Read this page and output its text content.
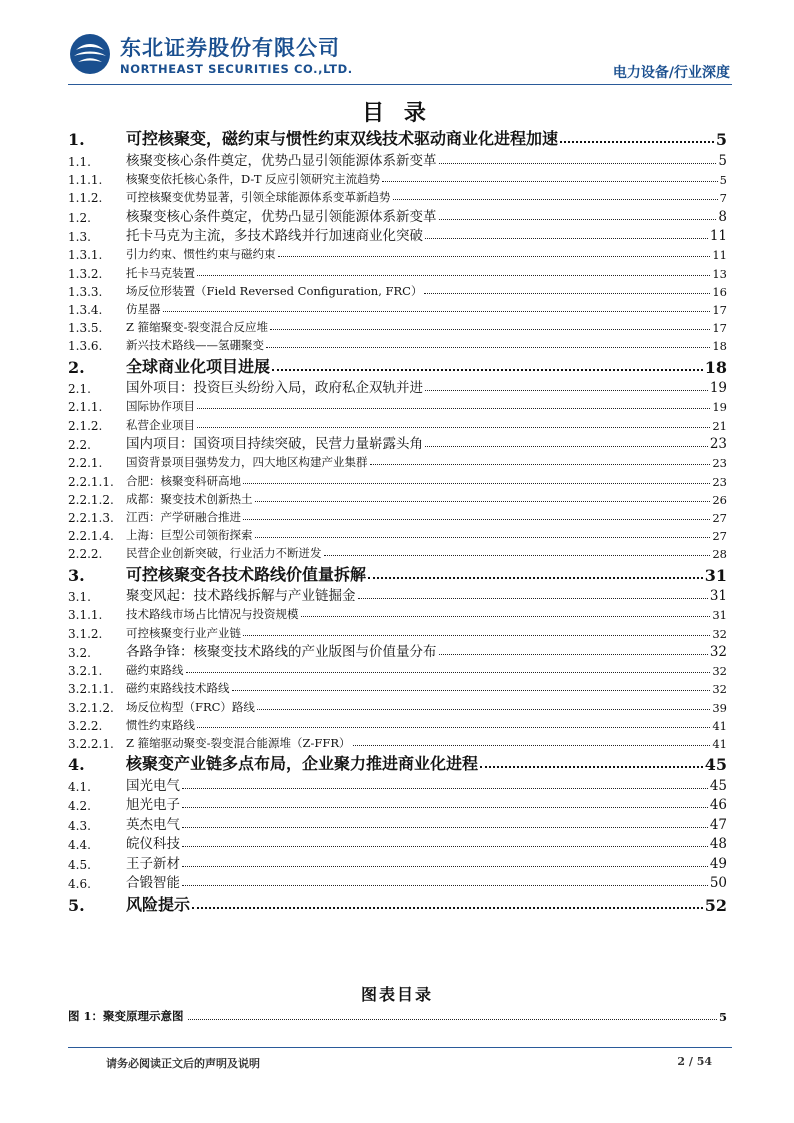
东北证券股份有限公司
NORTHEAST SECURITIES CO.,LTD.	电力设备/行业深度
目 录
1.	可控核聚变，磁约束与惯性约束双线技术驱动商业化进程加速	5
1.1.	核聚变核心条件奠定，优势凸显引领能源体系新变革	5
1.1.1.	核聚变依托核心条件，D-T 反应引领研究主流趋势	5
1.1.2.	可控核聚变优势显著，引领全球能源体系变革新趋势	7
1.2.	核聚变核心条件奠定，优势凸显引领能源体系新变革	8
1.3.	托卡马克为主流，多技术路线并行加速商业化突破	11
1.3.1.	引力约束、惯性约束与磁约束	11
1.3.2.	托卡马克装置	13
1.3.3.	场反位形装置（Field Reversed Configuration, FRC）	16
1.3.4.	仿星器	17
1.3.5.	Z 箍缩聚变-裂变混合反应堆	17
1.3.6.	新兴技术路线——氢硼聚变	18
2.	全球商业化项目进展	18
2.1.	国外项目：投资巨头纷纷入局，政府私企双轨并进	19
2.1.1.	国际协作项目	19
2.1.2.	私营企业项目	21
2.2.	国内项目：国资项目持续突破，民营力量崭露头角	23
2.2.1.	国资背景项目强势发力，四大地区构建产业集群	23
2.2.1.1.	合肥：核聚变科研高地	23
2.2.1.2.	成都：聚变技术创新热土	26
2.2.1.3.	江西：产学研融合推进	27
2.2.1.4.	上海：巨型公司领衔探索	27
2.2.2.	民营企业创新突破，行业活力不断迸发	28
3.	可控核聚变各技术路线价值量拆解	31
3.1.	聚变风起：技术路线拆解与产业链掘金	31
3.1.1.	技术路线市场占比情况与投资规模	31
3.1.2.	可控核聚变行业产业链	32
3.2.	各路争锋：核聚变技术路线的产业版图与价值量分布	32
3.2.1.	磁约束路线	32
3.2.1.1.	磁约束路线技术路线	32
3.2.1.2.	场反位构型（FRC）路线	39
3.2.2.	惯性约束路线	41
3.2.2.1.	Z 箍缩驱动聚变-裂变混合能源堆（Z-FFR）	41
4.	核聚变产业链多点布局，企业聚力推进商业化进程	45
4.1.	国光电气	45
4.2.	旭光电子	46
4.3.	英杰电气	47
4.4.	皖仪科技	48
4.5.	王子新材	49
4.6.	合锻智能	50
5.	风险提示	52
图表目录
图 1：聚变原理示意图	5
请务必阅读正文后的声明及说明	2 / 54
